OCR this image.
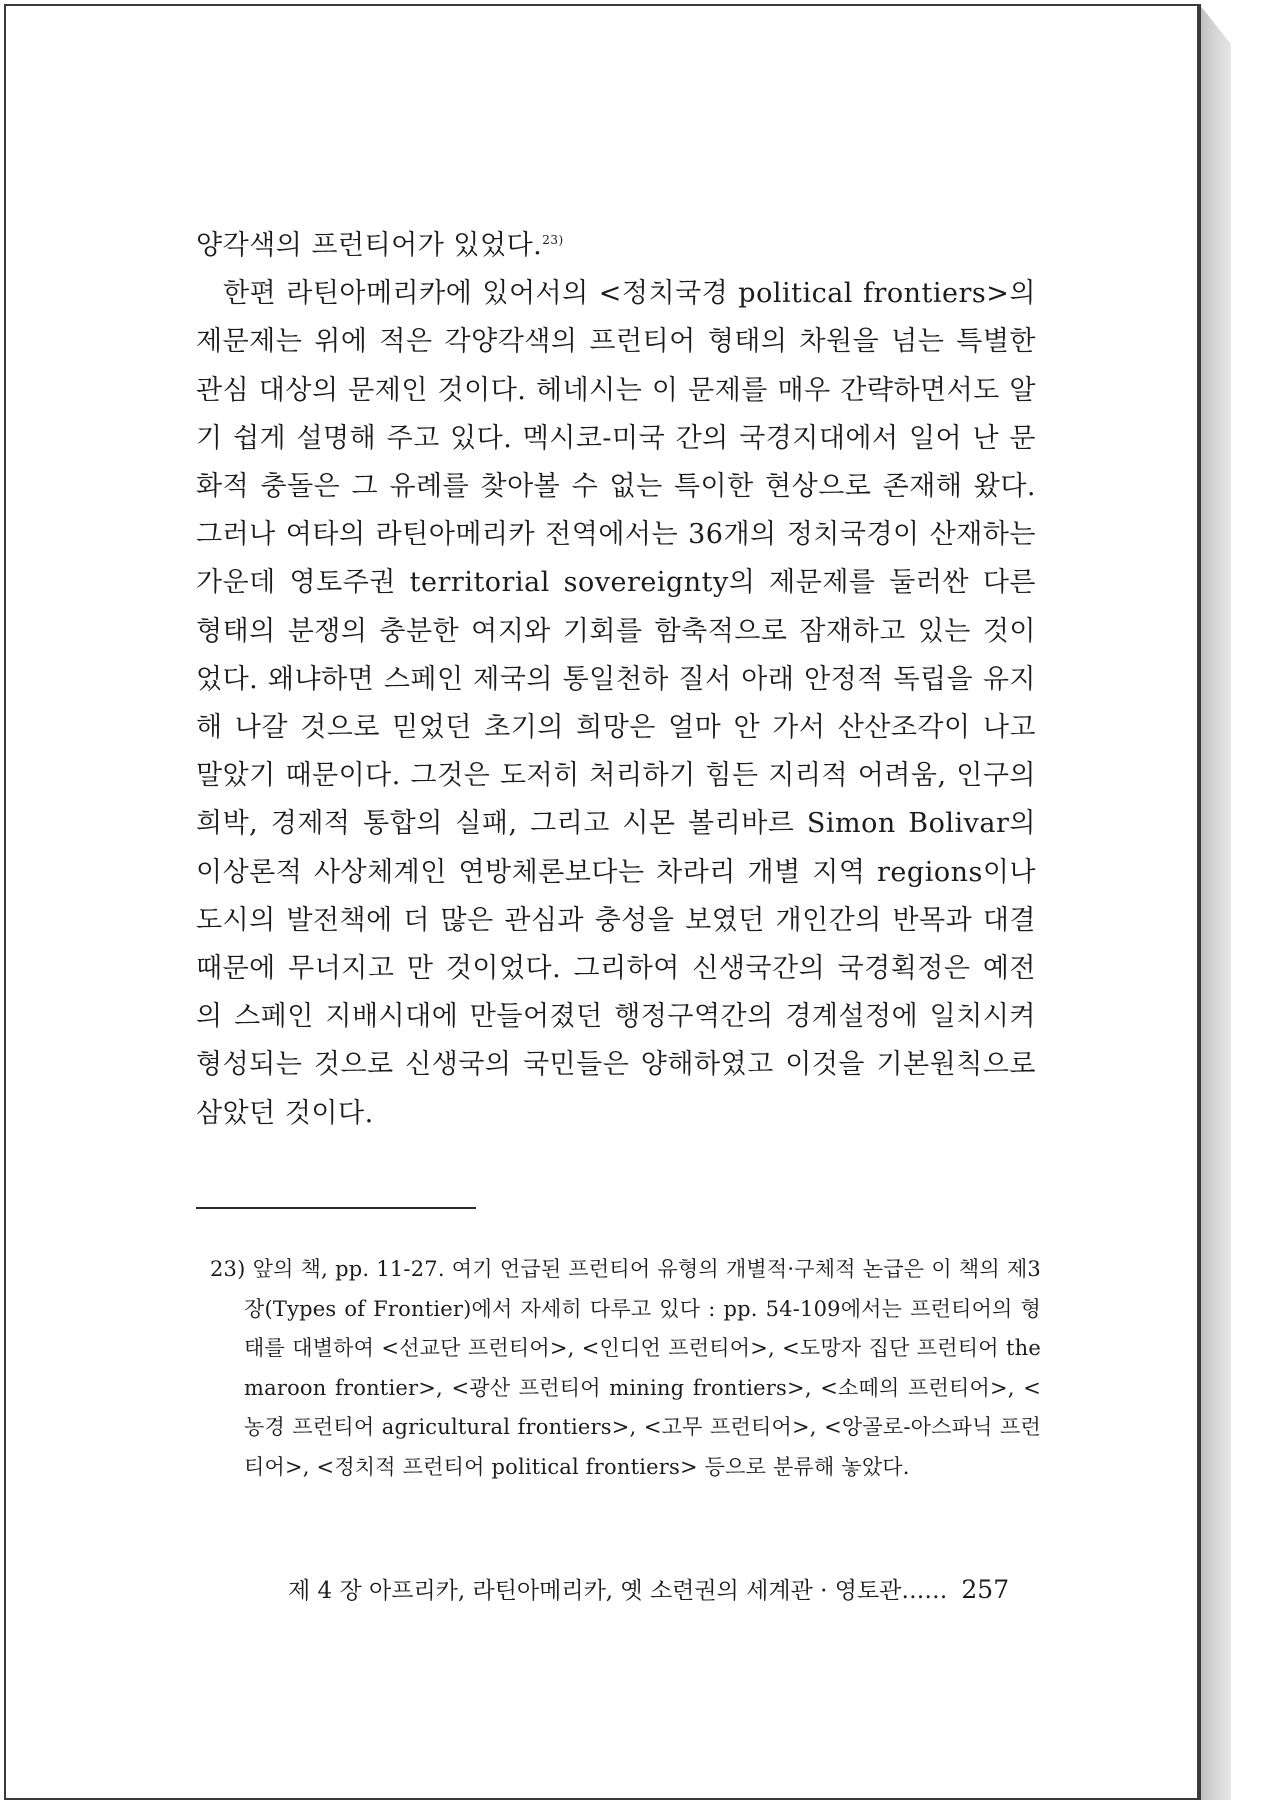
양각색의 프런티어가 있었다.$^{23)}$

한편 라틴아메리카에 있어서의 <정치국경 political frontiers>의 제문제는 위에 적은 각양각색의 프런티어 형태의 차원을 넘는 특별한 관심 대상의 문제인 것이다. 헤네시는 이 문제를 매우 간략하면서도 알기 쉽게 설명해 주고 있다. 멕시코-미국 간의 국경지대에서 일어 난 문화적 충돌은 그 유례를 찾아볼 수 없는 특이한 현상으로 존재해 왔다. 그러나 여타의 라틴아메리카 전역에서는 36개의 정치국경이 산재하는 가운데 영토주권 territorial sovereignty의 제문제를 둘러싼 다른 형태의 분쟁의 충분한 여지와 기회를 함축적으로 잠재하고 있는 것이었다. 왜냐하면 스페인 제국의 통일천하 질서 아래 안정적 독립을 유지해 나갈 것으로 믿었던 초기의 희망은 얼마 안 가서 산산조각이 나고 말았기 때문이다. 그것은 도저히 처리하기 힘든 지리적 어려움, 인구의 희박, 경제적 통합의 실패, 그리고 시몬 볼리바르 Simon Bolivar의 이상론적 사상체계인 연방체론보다는 차라리 개별 지역 regions이나 도시의 발전책에 더 많은 관심과 충성을 보였던 개인간의 반목과 대결 때문에 무너지고 만 것이었다. 그리하여 신생국간의 국경획정은 예전의 스페인 지배시대에 만들어졌던 행정구역간의 경계설정에 일치시켜 형성되는 것으로 신생국의 국민들은 양해하였고 이것을 기본원칙으로 삼았던 것이다.

23) 앞의 책, pp. 11-27. 여기 언급된 프런티어 유형의 개별적·구체적 논급은 이 책의 제3장(Types of Frontier)에서 자세히 다루고 있다 : pp. 54-109에서는 프런티어의 형태를 대별하여 <선교단 프런티어>, <인디언 프런티어>, <도망자 집단 프런티어 the maroon frontier>, <광산 프런티어 mining frontiers>, <소떼의 프런티어>, <농경 프런티어 agricultural frontiers>, <고무 프런티어>, <앙골로-아스파닉 프런티어>, <정치적 프런티어 political frontiers> 등으로 분류해 놓았다.

제 4 장 아프리카, 라틴아메리카, 옛 소련권의 세계관 · 영토관…… 257
